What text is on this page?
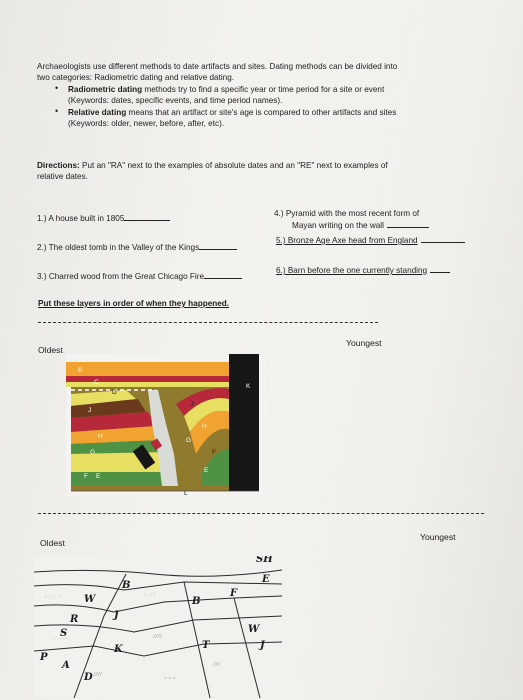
Archaeologists use different methods to date artifacts and sites. Dating methods can be divided into
two categories: Radiometric dating and relative dating.
• Radiometric dating methods try to find a specific year or time period for a site or event
(Keywords: dates, specific events, and time period names).
• Relative dating means that an artifact or site's age is compared to other artifacts and sites
(Keywords: older, newer, before, after, etc).
Directions: Put an "RA" next to the examples of absolute dates and an "RE" next to examples of
relative dates.
1.) A house built in 1805
2.) The oldest tomb in the Valley of the Kings
3.) Charred wood from the Great Chicago Fire
4.) Pyramid with the most recent form of
Mayan writing on the wall
5.) Bronze Age Axe head from England
6.) Barn before the one currently standing
Put these layers in order of when they happened.
Oldest
Youngest
B
C
D
K
J
J
H
H
G
G
F E
F
E
L
Oldest
Youngest
∴ ∵ ∴ ∵	∵ ∴ ∵
· · · · ·	⁄ ⁄ ⁄ ⁄
⁄ ⁄ ⁄
⁄ ⁄ ⁄ ⁄
~ ~ ~
B
W
J
K
R
S
P
A
D
B
F
E
W
J
T
SH
